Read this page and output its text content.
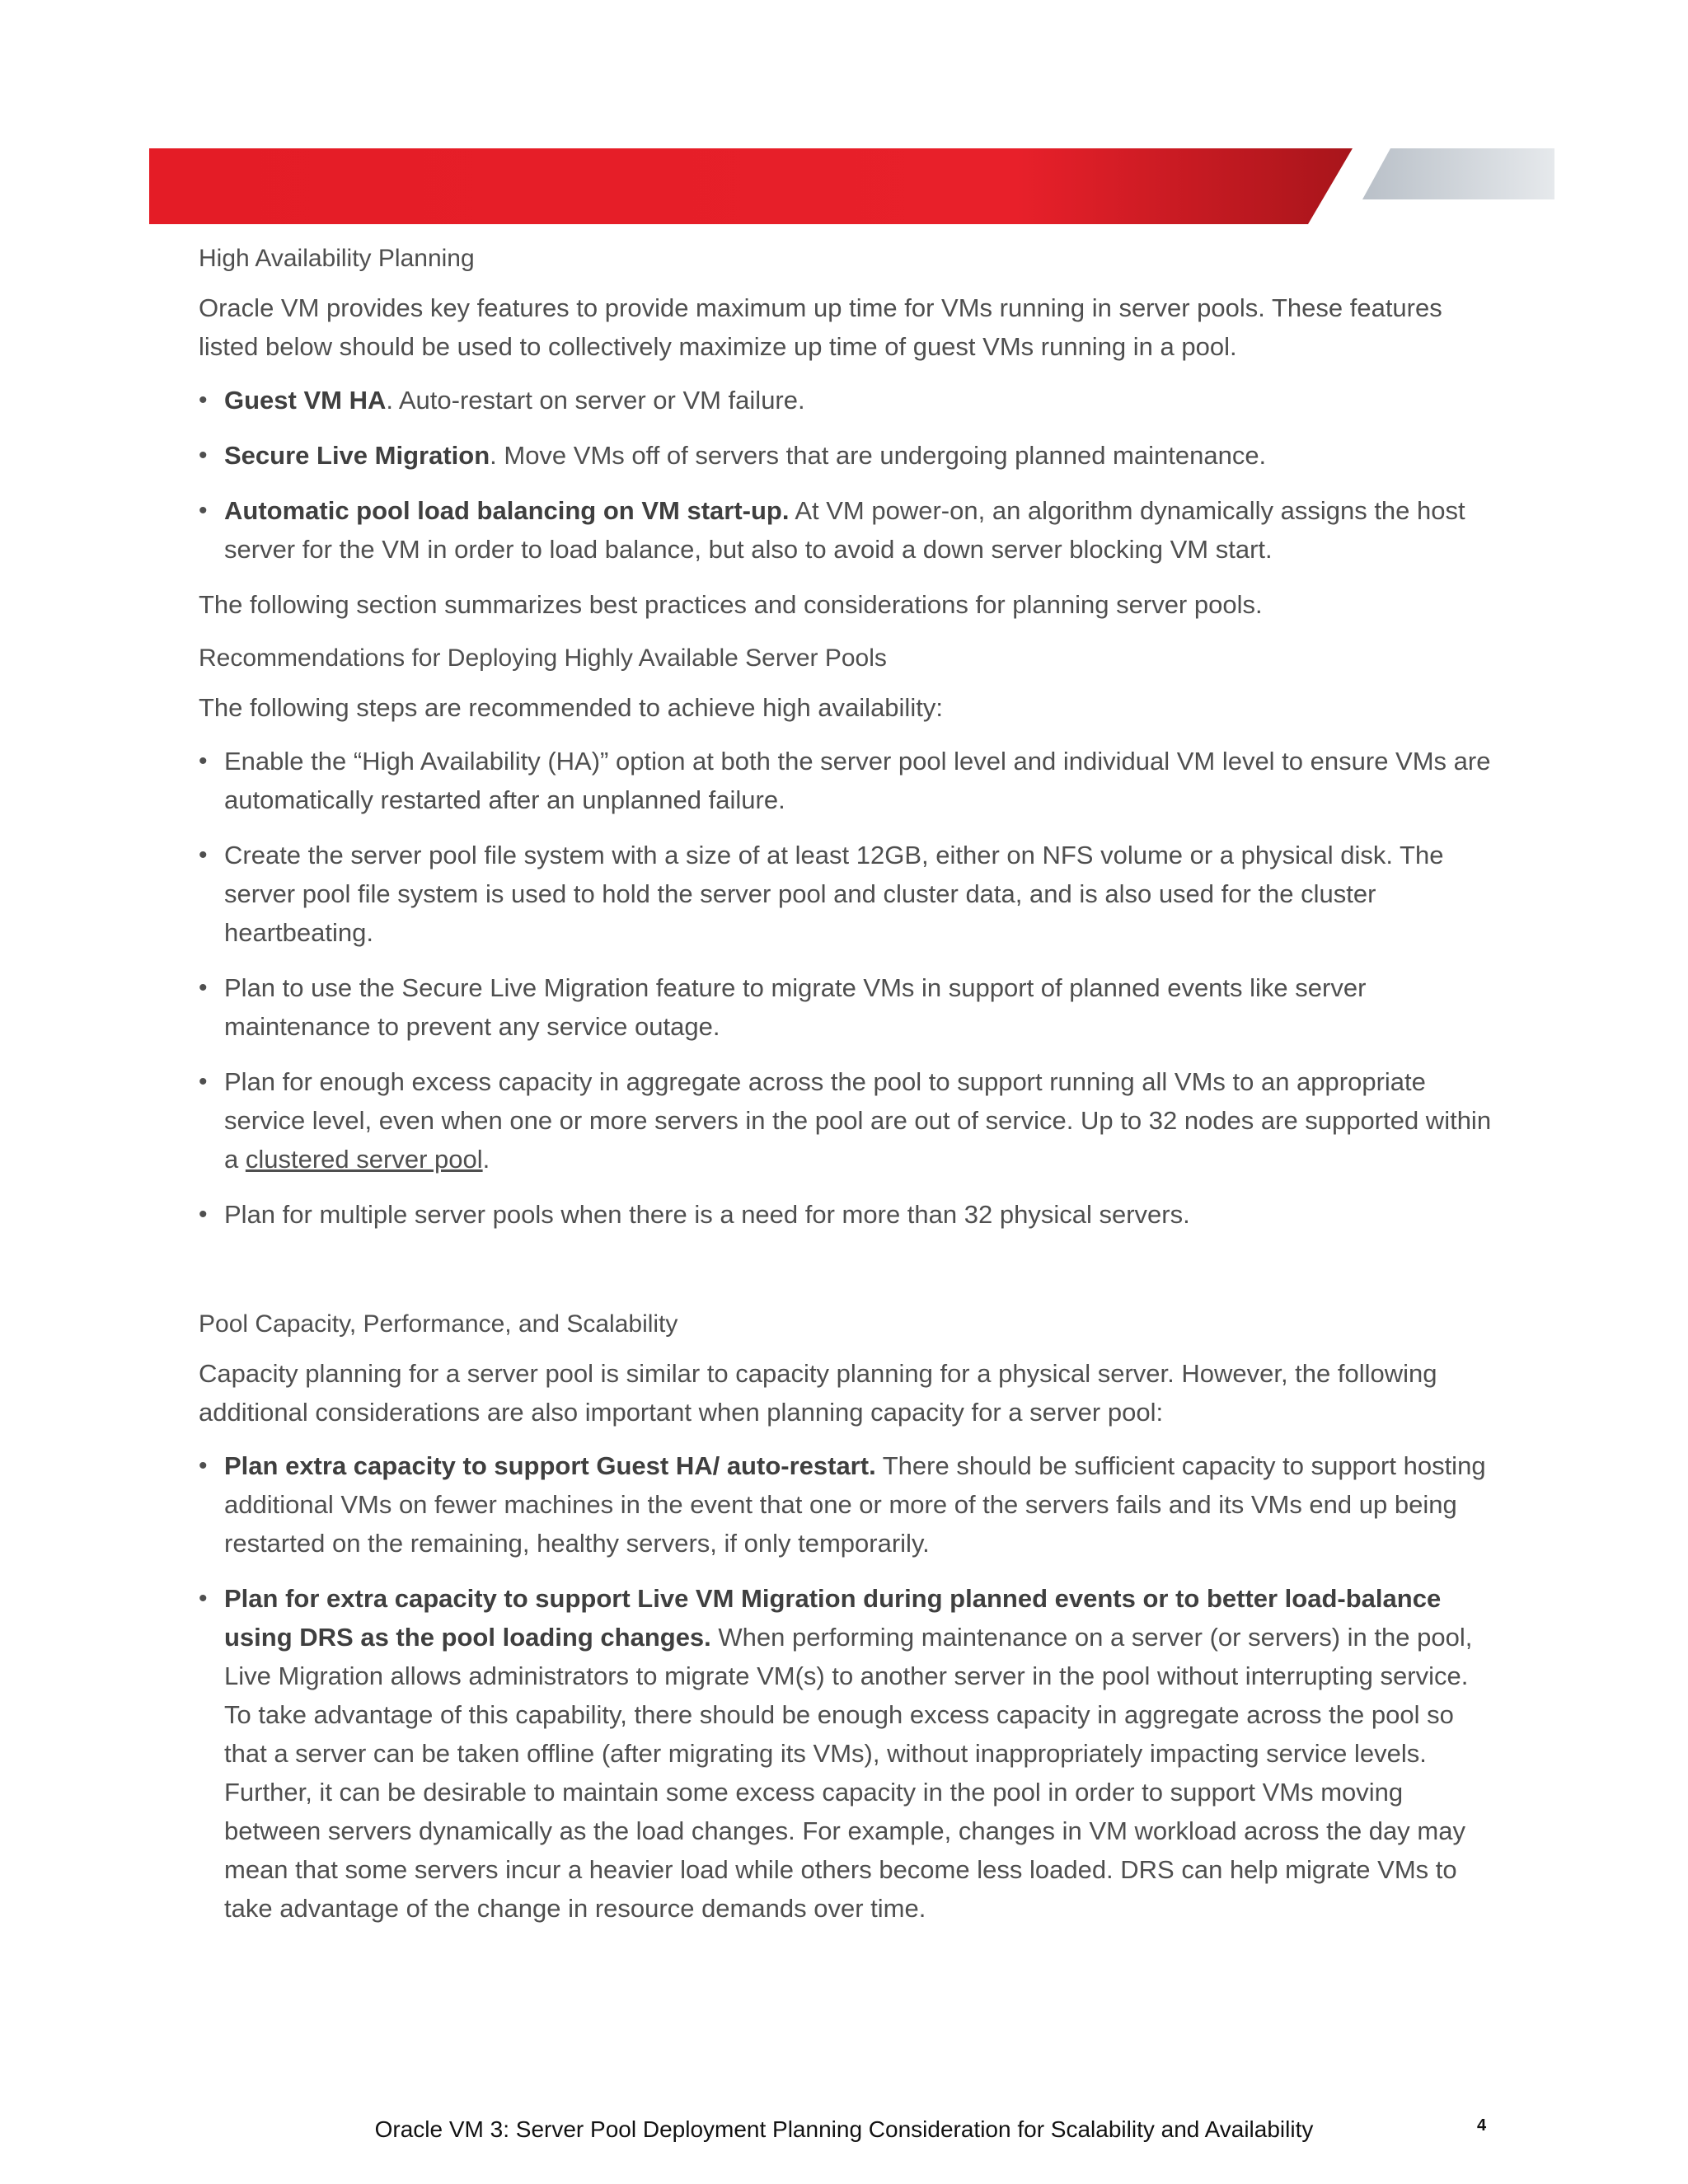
High Availability Planning

Oracle VM provides key features to provide maximum up time for VMs running in server pools. These features listed below should be used to collectively maximize up time of guest VMs running in a pool.

• Guest VM HA. Auto-restart on server or VM failure.
• Secure Live Migration. Move VMs off of servers that are undergoing planned maintenance.
• Automatic pool load balancing on VM start-up. At VM power-on, an algorithm dynamically assigns the host server for the VM in order to load balance, but also to avoid a down server blocking VM start.

The following section summarizes best practices and considerations for planning server pools.

Recommendations for Deploying Highly Available Server Pools

The following steps are recommended to achieve high availability:

• Enable the “High Availability (HA)” option at both the server pool level and individual VM level to ensure VMs are automatically restarted after an unplanned failure.
• Create the server pool file system with a size of at least 12GB, either on NFS volume or a physical disk. The server pool file system is used to hold the server pool and cluster data, and is also used for the cluster heartbeating.
• Plan to use the Secure Live Migration feature to migrate VMs in support of planned events like server maintenance to prevent any service outage.
• Plan for enough excess capacity in aggregate across the pool to support running all VMs to an appropriate service level, even when one or more servers in the pool are out of service. Up to 32 nodes are supported within a clustered server pool.
• Plan for multiple server pools when there is a need for more than 32 physical servers.
Pool Capacity, Performance, and Scalability

Capacity planning for a server pool is similar to capacity planning for a physical server. However, the following additional considerations are also important when planning capacity for a server pool:

• Plan extra capacity to support Guest HA/ auto-restart. There should be sufficient capacity to support hosting additional VMs on fewer machines in the event that one or more of the servers fails and its VMs end up being restarted on the remaining, healthy servers, if only temporarily.
• Plan for extra capacity to support Live VM Migration during planned events or to better load-balance using DRS as the pool loading changes. When performing maintenance on a server (or servers) in the pool, Live Migration allows administrators to migrate VM(s) to another server in the pool without interrupting service. To take advantage of this capability, there should be enough excess capacity in aggregate across the pool so that a server can be taken offline (after migrating its VMs), without inappropriately impacting service levels. Further, it can be desirable to maintain some excess capacity in the pool in order to support VMs moving between servers dynamically as the load changes. For example, changes in VM workload across the day may mean that some servers incur a heavier load while others become less loaded. DRS can help migrate VMs to take advantage of the change in resource demands over time.
Oracle VM 3: Server Pool Deployment Planning Consideration for Scalability and Availability	4
